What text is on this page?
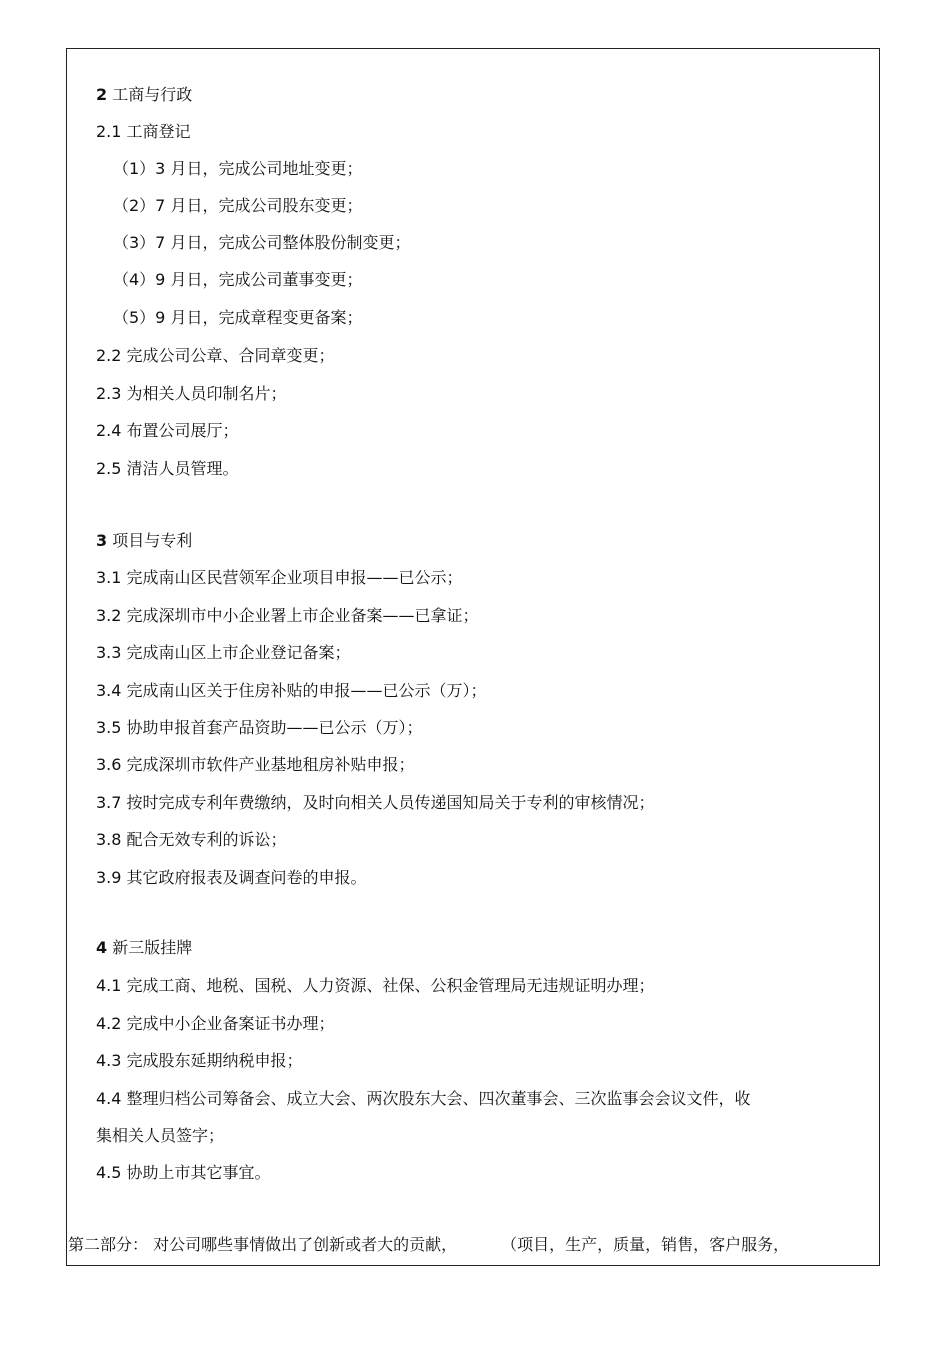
2 工商与行政
2.1 工商登记
（1）3 月日，完成公司地址变更；
（2）7 月日，完成公司股东变更；
（3）7 月日，完成公司整体股份制变更；
（4）9 月日，完成公司董事变更；
（5）9 月日，完成章程变更备案；
2.2 完成公司公章、合同章变更；
2.3 为相关人员印制名片；
2.4 布置公司展厅；
2.5 清洁人员管理。
3 项目与专利
3.1 完成南山区民营领军企业项目申报——已公示；
3.2 完成深圳市中小企业署上市企业备案——已拿证；
3.3 完成南山区上市企业登记备案；
3.4 完成南山区关于住房补贴的申报——已公示（万）；
3.5 协助申报首套产品资助——已公示（万）；
3.6 完成深圳市软件产业基地租房补贴申报；
3.7 按时完成专利年费缴纳，及时向相关人员传递国知局关于专利的审核情况；
3.8 配合无效专利的诉讼；
3.9 其它政府报表及调查问卷的申报。
4 新三版挂牌
4.1 完成工商、地税、国税、人力资源、社保、公积金管理局无违规证明办理；
4.2 完成中小企业备案证书办理；
4.3 完成股东延期纳税申报；
4.4 整理归档公司筹备会、成立大会、两次股东大会、四次董事会、三次监事会会议文件，收
集相关人员签字；
4.5 协助上市其它事宜。
第二部分： 对公司哪些事情做出了创新或者大的贡献，	（项目，生产，质量，销售，客户服务，
